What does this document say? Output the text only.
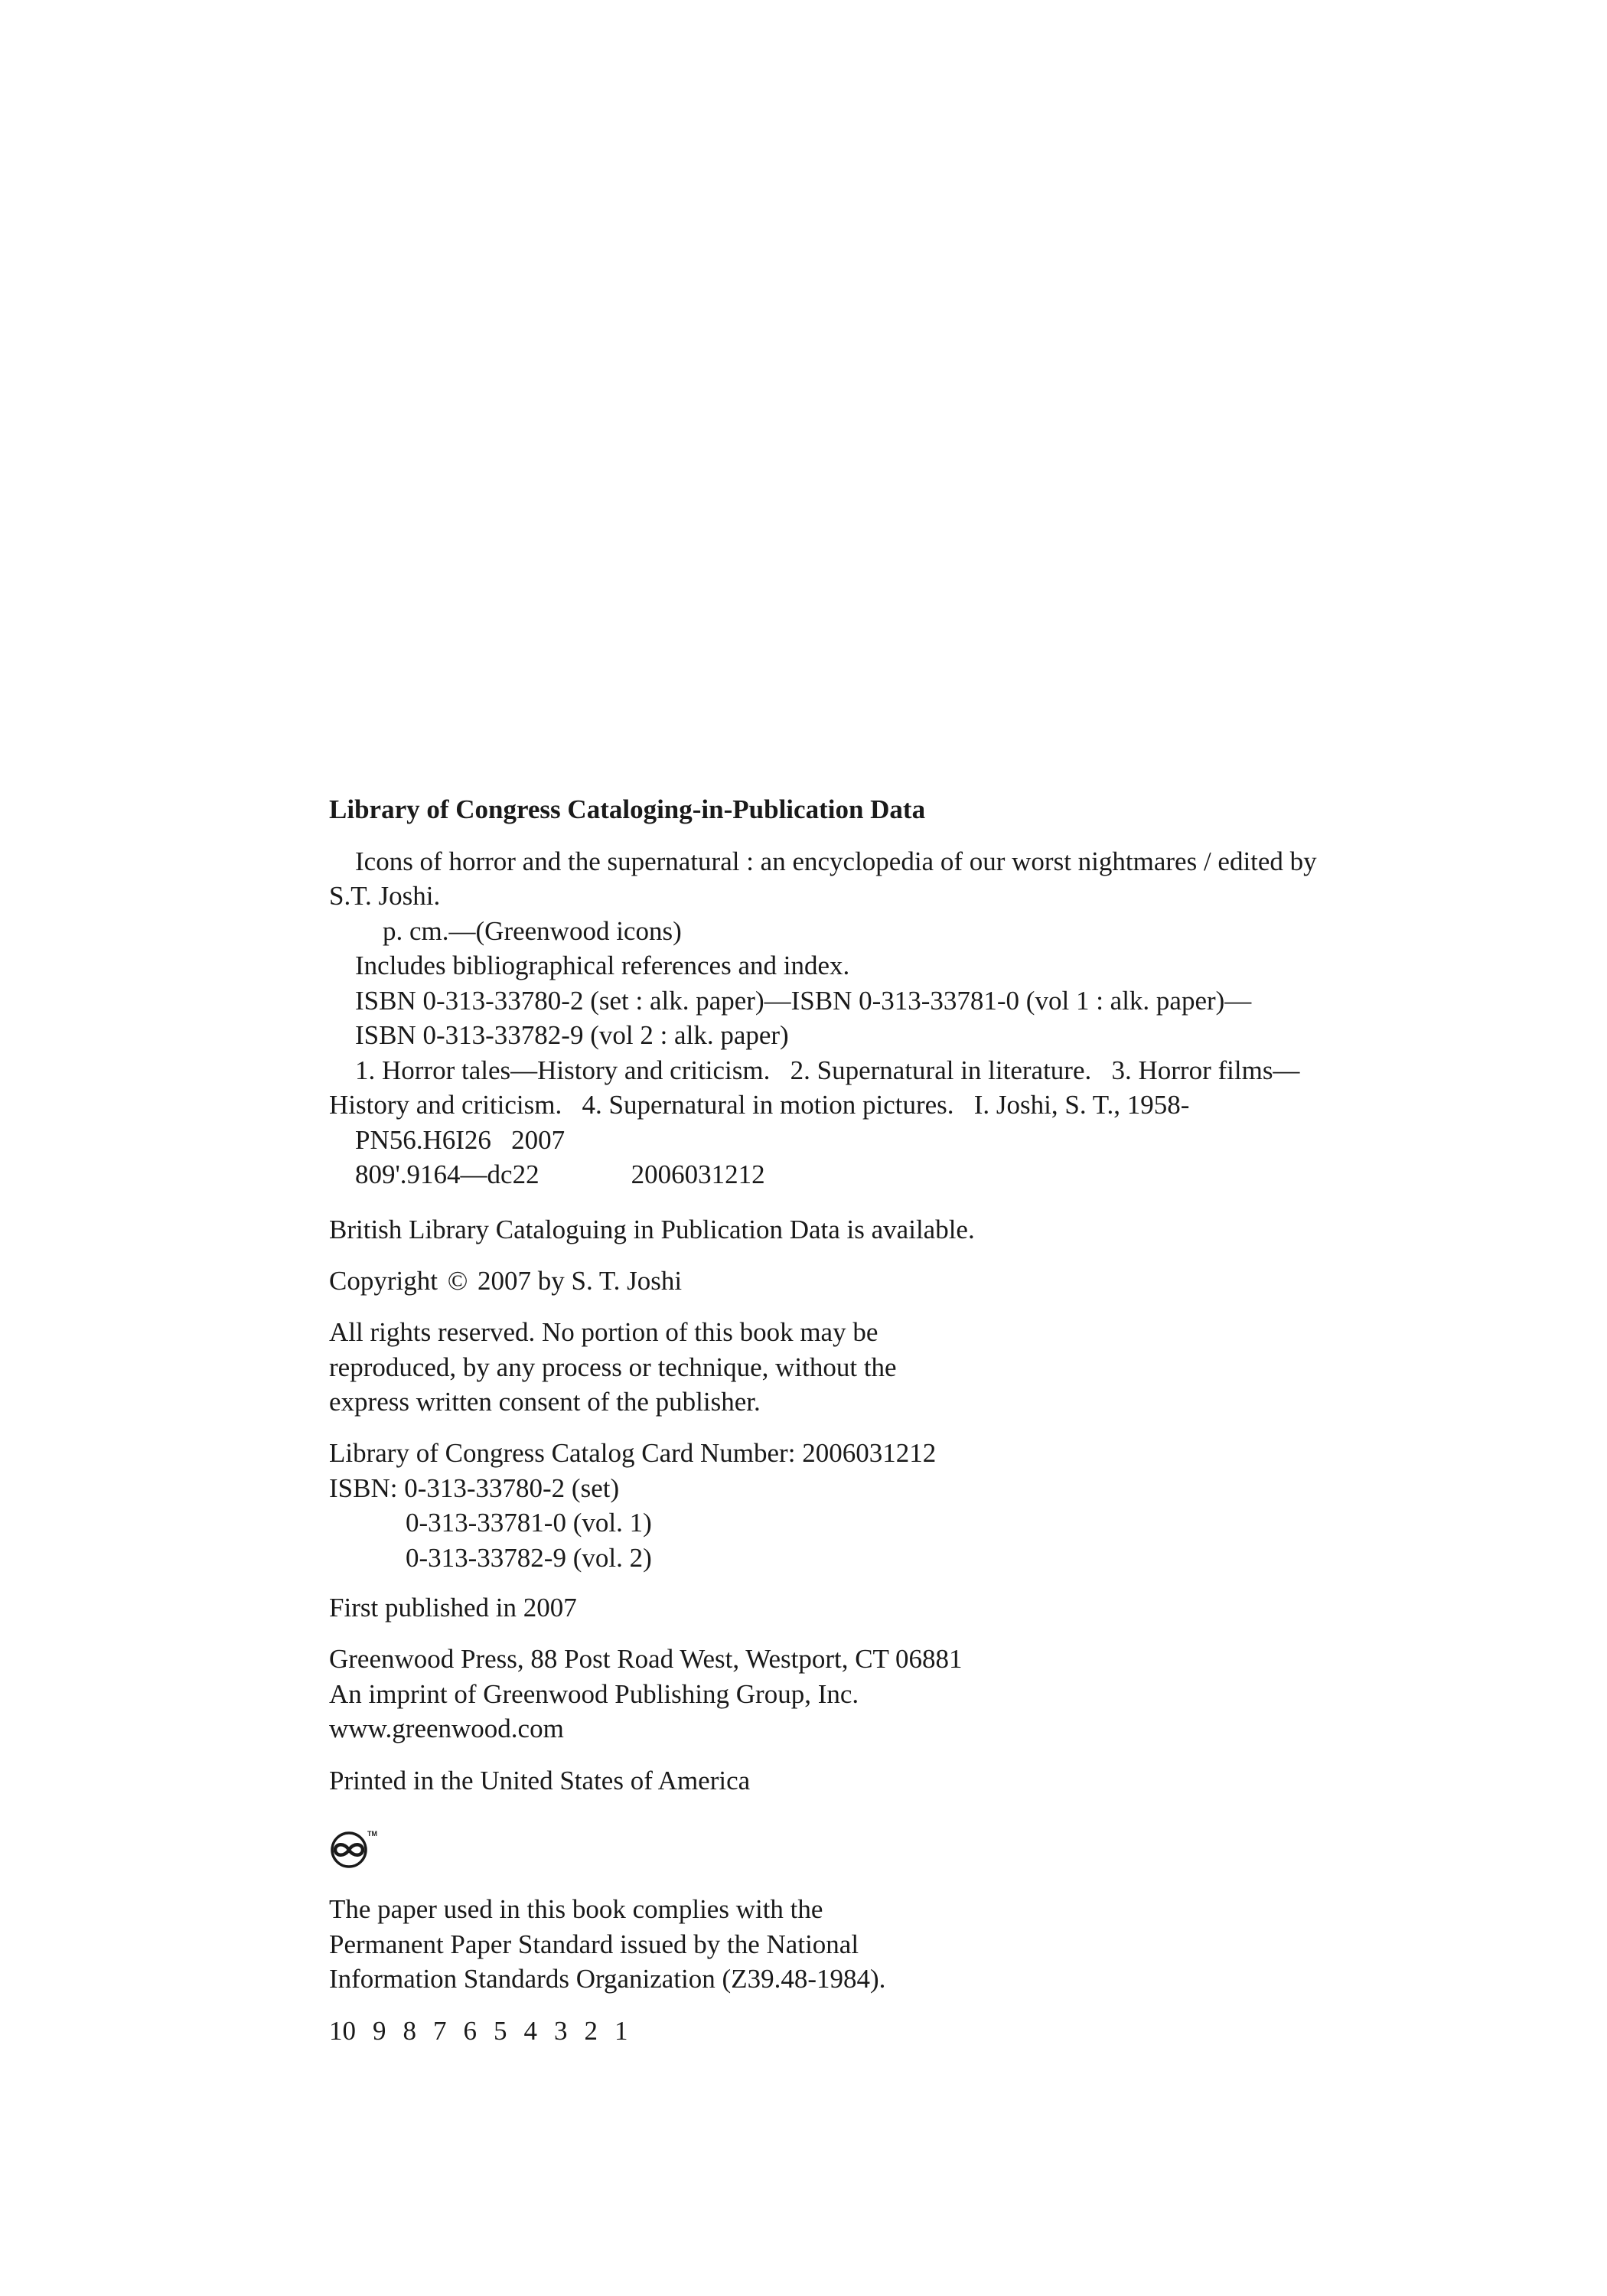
Library of Congress Cataloging-in-Publication Data
Icons of horror and the supernatural : an encyclopedia of our worst nightmares / edited by
S.T. Joshi.
p. cm.—(Greenwood icons)
Includes bibliographical references and index.
ISBN 0-313-33780-2 (set : alk. paper)—ISBN 0-313-33781-0 (vol 1 : alk. paper)—
ISBN 0-313-33782-9 (vol 2 : alk. paper)
1. Horror tales—History and criticism.   2. Supernatural in literature.   3. Horror films—
History and criticism.   4. Supernatural in motion pictures.   I. Joshi, S. T., 1958-
PN56.H6I26   2007
809'.9164—dc22	2006031212
British Library Cataloguing in Publication Data is available.
Copyright © 2007 by S. T. Joshi
All rights reserved. No portion of this book may be
reproduced, by any process or technique, without the
express written consent of the publisher.
Library of Congress Catalog Card Number: 2006031212
ISBN: 0-313-33780-2 (set)
0-313-33781-0 (vol. 1)
0-313-33782-9 (vol. 2)
First published in 2007
Greenwood Press, 88 Post Road West, Westport, CT 06881
An imprint of Greenwood Publishing Group, Inc.
www.greenwood.com
Printed in the United States of America
TM
The paper used in this book complies with the
Permanent Paper Standard issued by the National
Information Standards Organization (Z39.48-1984).
10 9 8 7 6 5 4 3 2 1
